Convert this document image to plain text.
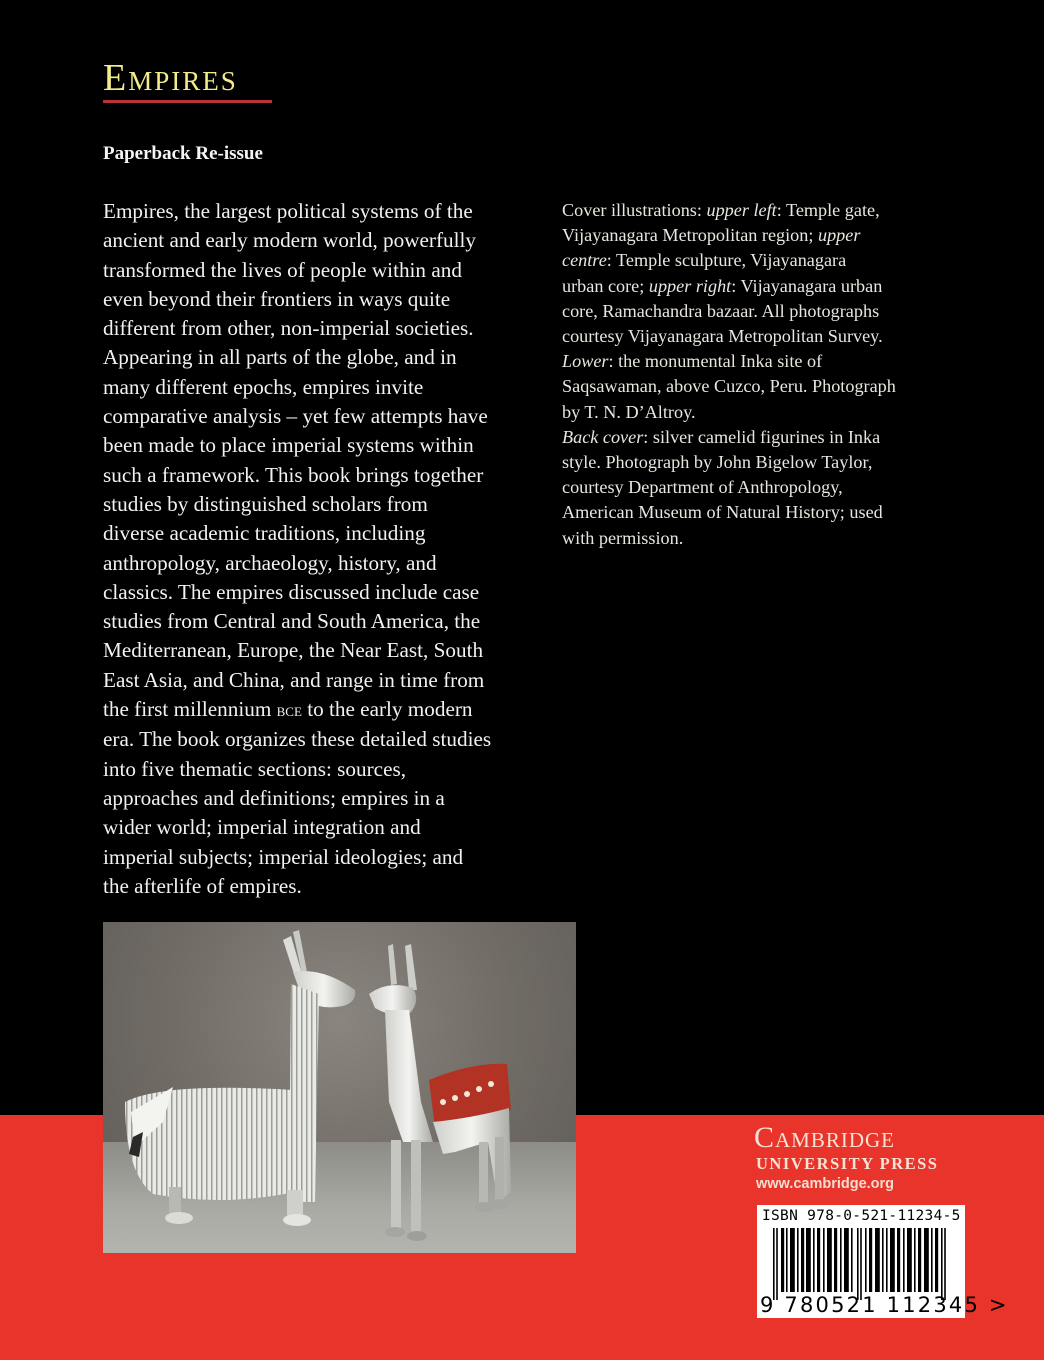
Empires
Paperback Re-issue
Empires, the largest political systems of the
ancient and early modern world, powerfully
transformed the lives of people within and
even beyond their frontiers in ways quite
different from other, non-imperial societies.
Appearing in all parts of the globe, and in
many different epochs, empires invite
comparative analysis – yet few attempts have
been made to place imperial systems within
such a framework. This book brings together
studies by distinguished scholars from
diverse academic traditions, including
anthropology, archaeology, history, and
classics. The empires discussed include case
studies from Central and South America, the
Mediterranean, Europe, the Near East, South
East Asia, and China, and range in time from
the first millennium bce to the early modern
era. The book organizes these detailed studies
into five thematic sections: sources,
approaches and definitions; empires in a
wider world; imperial integration and
imperial subjects; imperial ideologies; and
the afterlife of empires.
Cover illustrations: upper left: Temple gate,
Vijayanagara Metropolitan region; upper
centre: Temple sculpture, Vijayanagara
urban core; upper right: Vijayanagara urban
core, Ramachandra bazaar. All photographs
courtesy Vijayanagara Metropolitan Survey.
Lower: the monumental Inka site of
Saqsawaman, above Cuzco, Peru. Photograph
by T. N. D’Altroy.
Back cover: silver camelid figurines in Inka
style. Photograph by John Bigelow Taylor,
courtesy Department of Anthropology,
American Museum of Natural History; used
with permission.
Cambridge
UNIVERSITY PRESS
www.cambridge.org
ISBN 978-0-521-11234-5
9 780521 112345 >
